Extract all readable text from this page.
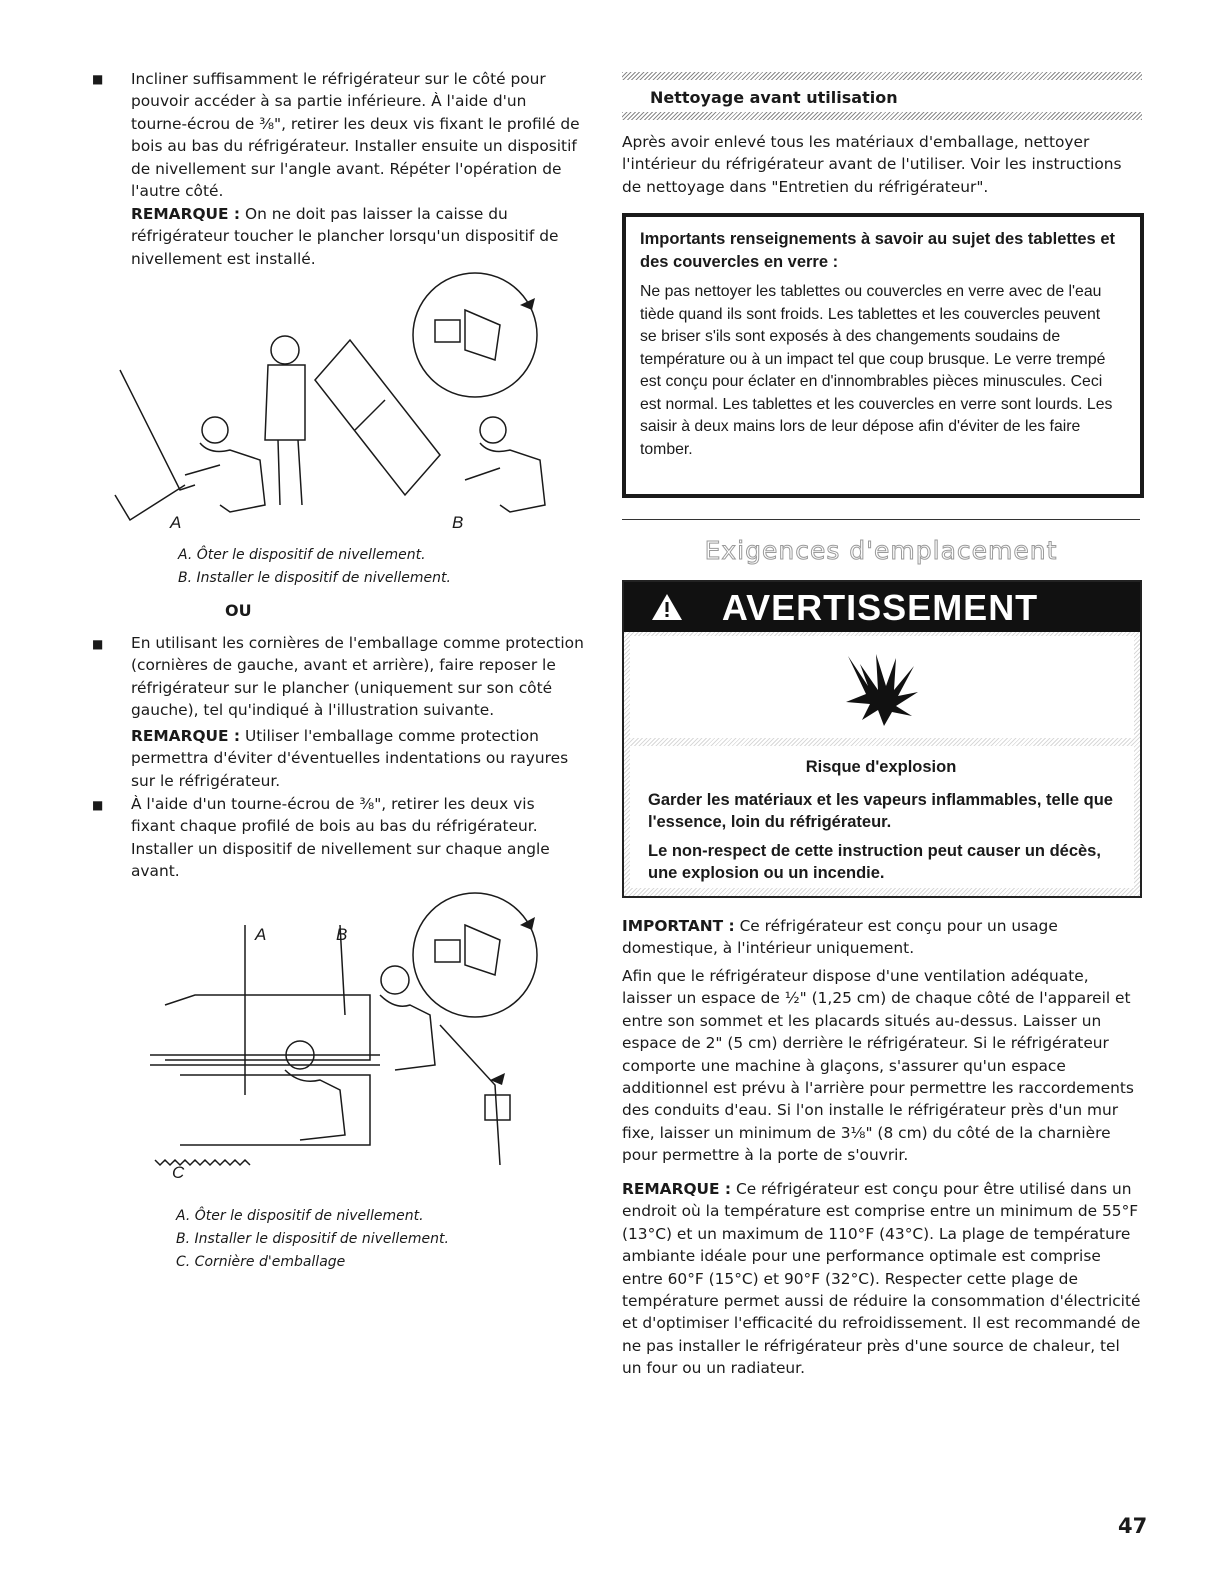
■ Incliner suffisamment le réfrigérateur sur le côté pour pouvoir accéder à sa partie inférieure. À l'aide d'un tourne-écrou de ³⁄₈", retirer les deux vis fixant le profilé de bois au bas du réfrigérateur. Installer ensuite un dispositif de nivellement sur l'angle avant. Répéter l'opération de l'autre côté.

REMARQUE : On ne doit pas laisser la caisse du réfrigérateur toucher le plancher lorsqu'un dispositif de nivellement est installé.

A	B
A. Ôter le dispositif de nivellement.
B. Installer le dispositif de nivellement.
OU
■ En utilisant les cornières de l'emballage comme protection (cornières de gauche, avant et arrière), faire reposer le réfrigérateur sur le plancher (uniquement sur son côté gauche), tel qu'indiqué à l'illustration suivante.

REMARQUE : Utiliser l'emballage comme protection permettra d'éviter d'éventuelles indentations ou rayures sur le réfrigérateur.

■ À l'aide d'un tourne-écrou de ³⁄₈", retirer les deux vis fixant chaque profilé de bois au bas du réfrigérateur. Installer un dispositif de nivellement sur chaque angle avant.

A	B
C
A. Ôter le dispositif de nivellement.
B. Installer le dispositif de nivellement.
C. Cornière d'emballage
Nettoyage avant utilisation

Après avoir enlevé tous les matériaux d'emballage, nettoyer l'intérieur du réfrigérateur avant de l'utiliser. Voir les instructions de nettoyage dans "Entretien du réfrigérateur".

Importants renseignements à savoir au sujet des tablettes et des couvercles en verre :
Ne pas nettoyer les tablettes ou couvercles en verre avec de l'eau tiède quand ils sont froids. Les tablettes et les couvercles peuvent se briser s'ils sont exposés à des changements soudains de température ou à un impact tel que coup brusque. Le verre trempé est conçu pour éclater en d'innombrables pièces minuscules. Ceci est normal. Les tablettes et les couvercles en verre sont lourds. Les saisir à deux mains lors de leur dépose afin d'éviter de les faire tomber.
Exigences d'emplacement
AVERTISSEMENT
Risque d'explosion

Garder les matériaux et les vapeurs inflammables, telle que l'essence, loin du réfrigérateur.

Le non-respect de cette instruction peut causer un décès, une explosion ou un incendie.

IMPORTANT : Ce réfrigérateur est conçu pour un usage domestique, à l'intérieur uniquement.

Afin que le réfrigérateur dispose d'une ventilation adéquate, laisser un espace de ½" (1,25 cm) de chaque côté de l'appareil et entre son sommet et les placards situés au-dessus. Laisser un espace de 2" (5 cm) derrière le réfrigérateur. Si le réfrigérateur comporte une machine à glaçons, s'assurer qu'un espace additionnel est prévu à l'arrière pour permettre les raccordements des conduits d'eau. Si l'on installe le réfrigérateur près d'un mur fixe, laisser un minimum de 3⅛" (8 cm) du côté de la charnière pour permettre à la porte de s'ouvrir.

REMARQUE : Ce réfrigérateur est conçu pour être utilisé dans un endroit où la température est comprise entre un minimum de 55°F (13°C) et un maximum de 110°F (43°C). La plage de température ambiante idéale pour une performance optimale est comprise entre 60°F (15°C) et 90°F (32°C). Respecter cette plage de température permet aussi de réduire la consommation d'électricité et d'optimiser l'efficacité du refroidissement. Il est recommandé de ne pas installer le réfrigérateur près d'une source de chaleur, tel un four ou un radiateur.

47
